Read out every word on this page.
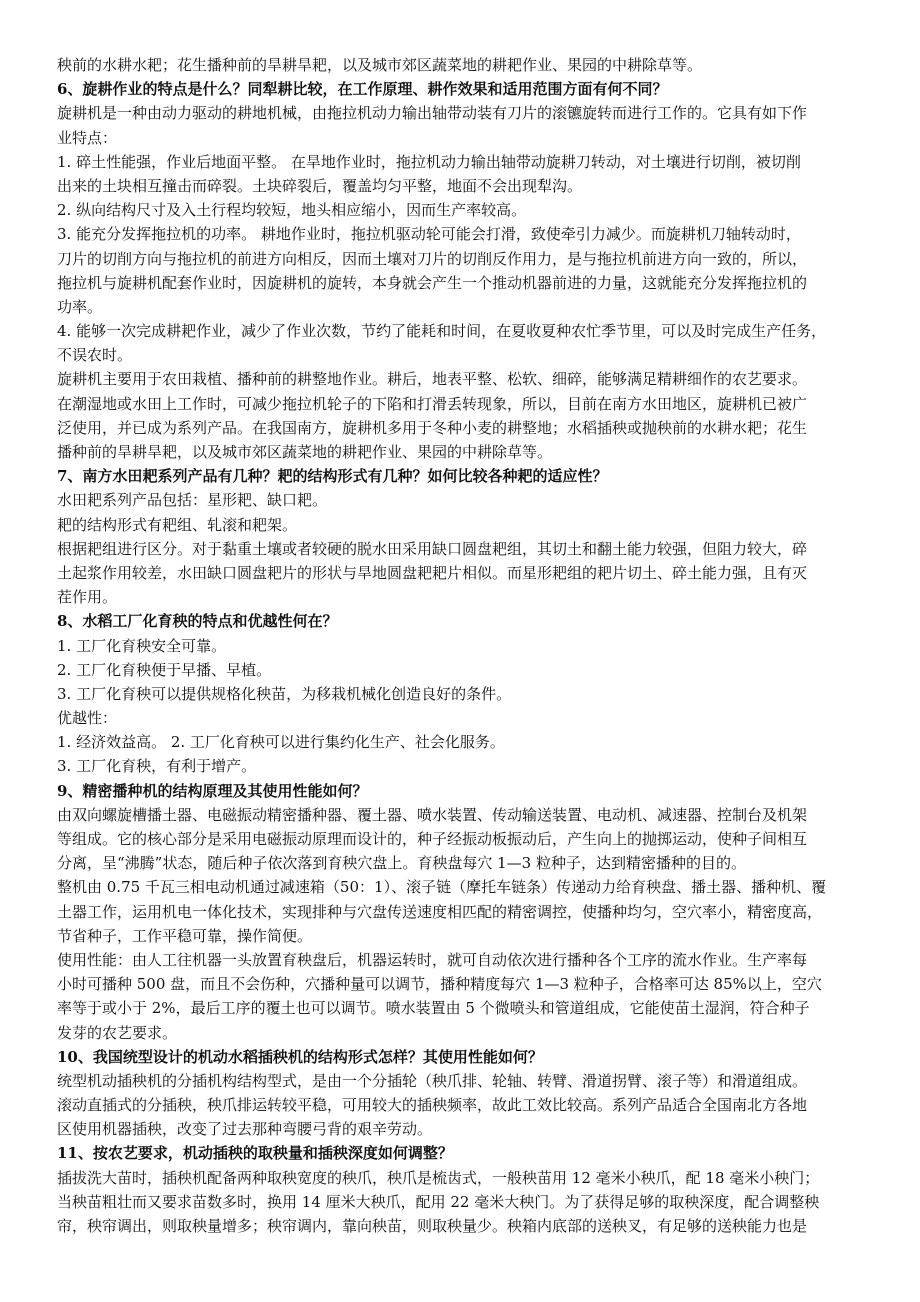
秧前的水耕水耙；花生播种前的旱耕旱耙，以及城市郊区蔬菜地的耕耙作业、果园的中耕除草等。
6、旋耕作业的特点是什么？同犁耕比较，在工作原理、耕作效果和适用范围方面有何不同？
旋耕机是一种由动力驱动的耕地机械，由拖拉机动力输出轴带动装有刀片的滚镳旋转而进行工作的。它具有如下作
业特点：
1. 碎土性能强，作业后地面平整。 在旱地作业时，拖拉机动力输出轴带动旋耕刀转动，对土壤进行切削，被切削
出来的土块相互撞击而碎裂。土块碎裂后，覆盖均匀平整，地面不会出现犁沟。
2. 纵向结构尺寸及入土行程均较短，地头相应缩小，因而生产率较高。
3. 能充分发挥拖拉机的功率。 耕地作业时，拖拉机驱动轮可能会打滑，致使牵引力减少。而旋耕机刀轴转动时，
刀片的切削方向与拖拉机的前进方向相反，因而土壤对刀片的切削反作用力，是与拖拉机前进方向一致的，所以，
拖拉机与旋耕机配套作业时，因旋耕机的旋转，本身就会产生一个推动机器前进的力量，这就能充分发挥拖拉机的
功率。
4. 能够一次完成耕耙作业，减少了作业次数，节约了能耗和时间，在夏收夏种农忙季节里，可以及时完成生产任务，
不误农时。
旋耕机主要用于农田栽植、播种前的耕整地作业。耕后，地表平整、松软、细碎，能够满足精耕细作的农艺要求。
在潮湿地或水田上工作时，可减少拖拉机轮子的下陷和打滑丢转现象，所以，目前在南方水田地区，旋耕机已被广
泛使用，并已成为系列产品。在我国南方，旋耕机多用于冬种小麦的耕整地；水稻插秧或抛秧前的水耕水耙；花生
播种前的旱耕旱耙，以及城市郊区蔬菜地的耕耙作业、果园的中耕除草等。
7、南方水田耙系列产品有几种？耙的结构形式有几种？如何比较各种耙的适应性？
水田耙系列产品包括：星形耙、缺口耙。
耙的结构形式有耙组、轧滚和耙架。
根据耙组进行区分。对于黏重土壤或者较硬的脱水田采用缺口圆盘耙组，其切土和翻土能力较强，但阻力较大，碎
土起浆作用较差，水田缺口圆盘耙片的形状与旱地圆盘耙耙片相似。而星形耙组的耙片切土、碎土能力强，且有灭
茬作用。
8、水稻工厂化育秧的特点和优越性何在？
1. 工厂化育秧安全可靠。
2. 工厂化育秧便于早播、早植。
3. 工厂化育秧可以提供规格化秧苗，为移栽机械化创造良好的条件。
优越性：
1. 经济效益高。 2. 工厂化育秧可以进行集约化生产、社会化服务。
3. 工厂化育秧，有利于增产。
9、精密播种机的结构原理及其使用性能如何？
由双向螺旋槽播土器、电磁振动精密播种器、覆土器、喷水装置、传动输送装置、电动机、减速器、控制台及机架
等组成。它的核心部分是采用电磁振动原理而设计的，种子经振动板振动后，产生向上的抛掷运动，使种子间相互
分离，呈“沸腾”状态，随后种子依次落到育秧穴盘上。育秧盘每穴 1—3 粒种子，达到精密播种的目的。
整机由 0.75 千瓦三相电动机通过减速箱（50：1）、滚子链（摩托车链条）传递动力给育秧盘、播土器、播种机、覆
土器工作，运用机电一体化技术，实现排种与穴盘传送速度相匹配的精密调控，使播种均匀，空穴率小，精密度高，
节省种子，工作平稳可靠，操作简便。
使用性能：由人工往机器一头放置育秧盘后，机器运转时，就可自动依次进行播种各个工序的流水作业。生产率每
小时可播种 500 盘，而且不会伤种，穴播种量可以调节，播种精度每穴 1—3 粒种子，合格率可达 85%以上，空穴
率等于或小于 2%，最后工序的覆土也可以调节。喷水装置由 5 个微喷头和管道组成，它能使苗土湿润，符合种子
发芽的农艺要求。
10、我国统型设计的机动水稻插秧机的结构形式怎样？其使用性能如何？
统型机动插秧机的分插机构结构型式，是由一个分插轮（秧爪排、轮轴、转臂、滑道拐臂、滚子等）和滑道组成。
滚动直插式的分插秧，秧爪排运转较平稳，可用较大的插秧频率，故此工效比较高。系列产品适合全国南北方各地
区使用机器插秧，改变了过去那种弯腰弓背的艰辛劳动。
11、按农艺要求，机动插秧的取秧量和插秧深度如何调整？
插拔洗大苗时，插秧机配备两种取秧宽度的秧爪，秧爪是梳齿式，一般秧苗用 12 毫米小秧爪，配 18 毫米小秧门；
当秧苗粗壮而又要求苗数多时，换用 14 厘米大秧爪，配用 22 毫米大秧门。为了获得足够的取秧深度，配合调整秧
帘，秧帘调出，则取秧量增多；秧帘调内，靠向秧苗，则取秧量少。秧箱内底部的送秧叉，有足够的送秧能力也是
